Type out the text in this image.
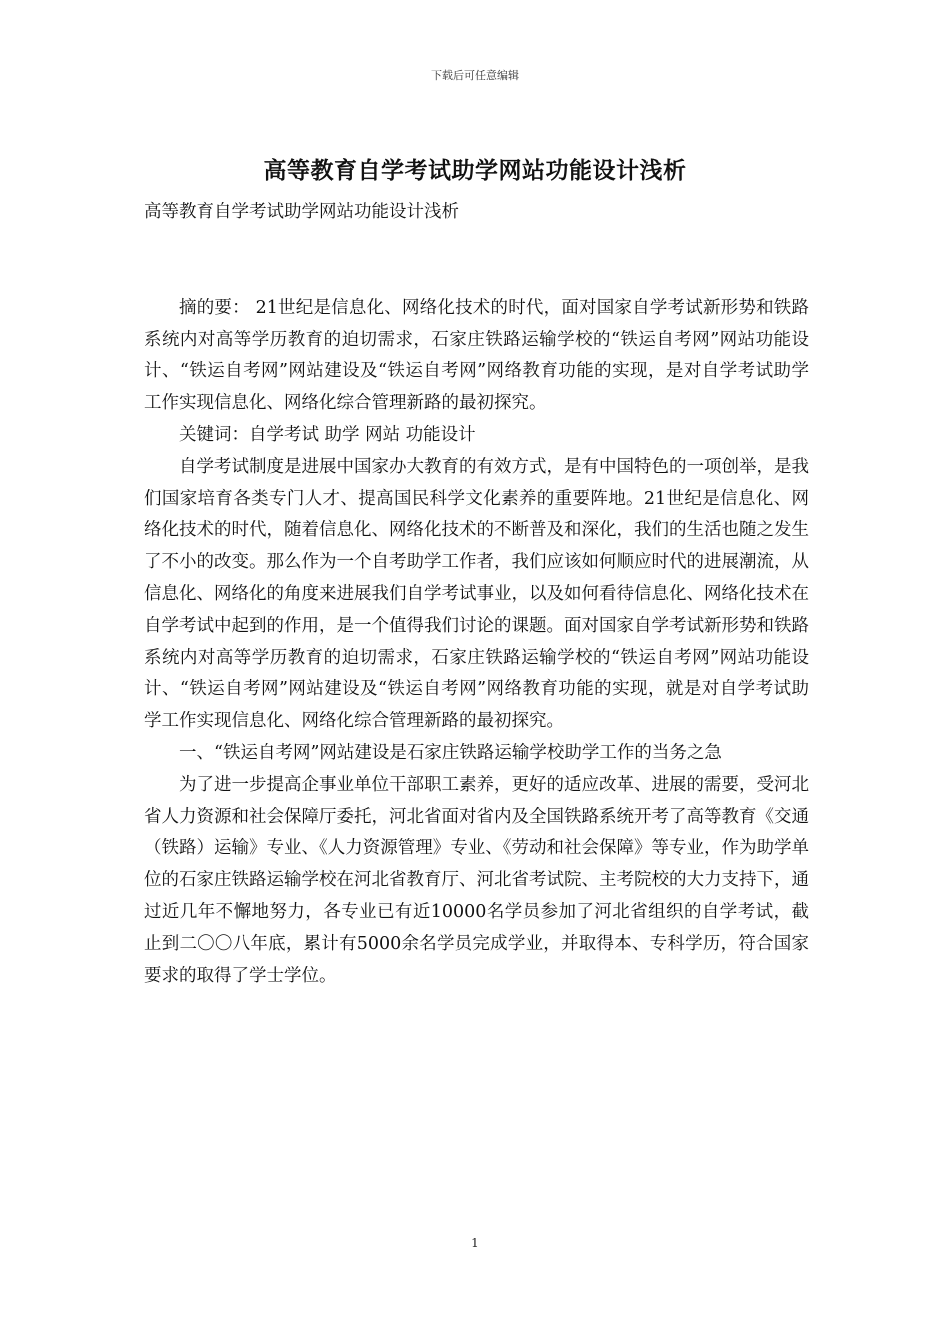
下载后可任意编辑
高等教育自学考试助学网站功能设计浅析

高等教育自学考试助学网站功能设计浅析

摘的要： 21世纪是信息化、网络化技术的时代，面对国家自学考试新形势和铁路系统内对高等学历教育的迫切需求，石家庄铁路运输学校的“铁运自考网”网站功能设计、“铁运自考网”网站建设及“铁运自考网”网络教育功能的实现，是对自学考试助学工作实现信息化、网络化综合管理新路的最初探究。

关键词：自学考试 助学 网站 功能设计

自学考试制度是进展中国家办大教育的有效方式，是有中国特色的一项创举，是我们国家培育各类专门人才、提高国民科学文化素养的重要阵地。21世纪是信息化、网络化技术的时代，随着信息化、网络化技术的不断普及和深化，我们的生活也随之发生了不小的改变。那么作为一个自考助学工作者，我们应该如何顺应时代的进展潮流，从信息化、网络化的角度来进展我们自学考试事业，以及如何看待信息化、网络化技术在自学考试中起到的作用，是一个值得我们讨论的课题。面对国家自学考试新形势和铁路系统内对高等学历教育的迫切需求，石家庄铁路运输学校的“铁运自考网”网站功能设计、“铁运自考网”网站建设及“铁运自考网”网络教育功能的实现，就是对自学考试助学工作实现信息化、网络化综合管理新路的最初探究。

一、“铁运自考网”网站建设是石家庄铁路运输学校助学工作的当务之急

为了进一步提高企事业单位干部职工素养，更好的适应改革、进展的需要，受河北省人力资源和社会保障厅委托，河北省面对省内及全国铁路系统开考了高等教育《交通（铁路）运输》专业、《人力资源管理》专业、《劳动和社会保障》等专业，作为助学单位的石家庄铁路运输学校在河北省教育厅、河北省考试院、主考院校的大力支持下，通过近几年不懈地努力，各专业已有近10000名学员参加了河北省组织的自学考试，截止到二〇〇八年底，累计有5000余名学员完成学业，并取得本、专科学历，符合国家要求的取得了学士学位。

1
